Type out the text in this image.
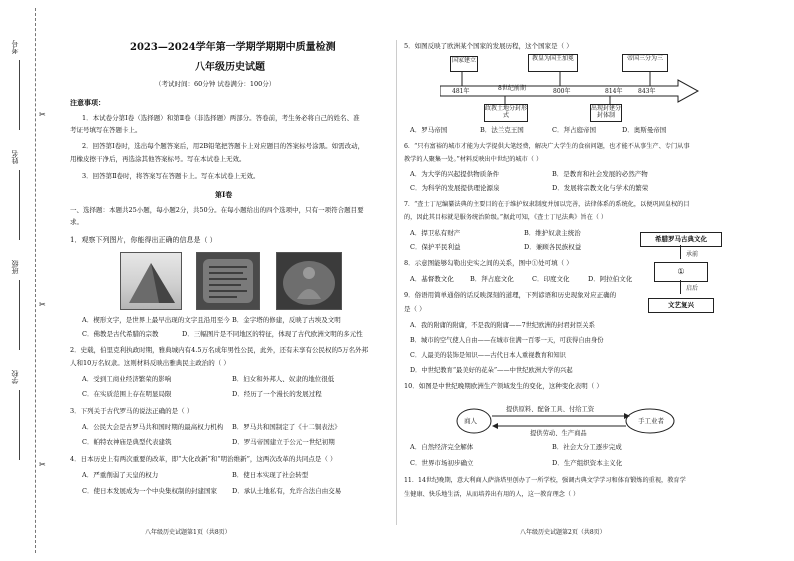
考号
姓名
班级
学校
✂
✂
✂
2023—2024学年第一学期学期期中质量检测
八年级历史试题
（考试时间：60分钟 试卷满分：100分）
注意事项：
1．本试卷分第Ⅰ卷（选择题）和第Ⅱ卷（非选择题）两部分。答卷前，考生务必将自己的姓名、准
考证号填写在答题卡上。
2．回答第Ⅰ卷时，选出每个题答案后，用2B铅笔把答题卡上对应题目的答案标号涂黑。如需改动，
用橡皮擦干净后，再选涂其他答案标号。写在本试卷上无效。
3．回答第Ⅱ卷时，将答案写在答题卡上。写在本试卷上无效。
第Ⅰ卷
一、选择题：本题共25小题，每小题2分，共50分。在每小题给出的四个选项中，只有一项符合题目要
求。
1．观察下列图片，你能得出正确的信息是（ ）
A．楔形文字，是世界上最早出现的文字且沿用至今 B．金字塔的修建，反映了古埃及文明
C．佛教是古代希腊的宗教	D．三幅图片是不同地区的特征，体现了古代欧洲文明的多元性
2．史载，伯里克利执政时期，雅典城内有4.5万名成年男性公民，此外，还有未享有公民权的5万名外邦
人和10万名奴隶。这则材料反映出雅典民主政治的（ ）
A．受到工商业经济繁荣的影响	B．妇女和外邦人、奴隶的地位很低
C．在实质范围上存在明显局限	D．经历了一个漫长的发展过程
3．下列关于古代罗马的说法正确的是（ ）
A．公民大会是古罗马共和国时期的最高权力机构 B．罗马共和国制定了《十二铜表法》
C．帕特农神庙是典型代表建筑	D．罗马帝国建立于公元一世纪初期
4．日本历史上有两次重要的改革，即“大化改新”和“明治维新”，这两次改革的共同点是（ ）
A．严重削弱了天皇的权力	B．使日本实现了社会转型
C．使日本发展成为一个中央集权制的封建国家 D．承认土地私有，允许合法自由交易
八年级历史试题第1页（共8页）
5．如图反映了欧洲某个国家的发展历程，这个国家是（ ）
国家建立	教皇为国王加冕	帝国三分为三
481年	8世纪前期	800年	814年	843年
政教土地分封形式
出现封建分封体制
A．罗马帝国	B．法兰克王国	C．拜占庭帝国	D．奥斯曼帝国
6．“只有富裕的城市才能为大学提供大笔经费，解决广大学生的食宿问题，也才能不从事生产、专门从事
教学的人聚集一处。”材料反映出中世纪的城市（ ）
A．为大学的兴起提供物质条件	B．是教育和社会发展的必然产物
C．为科学的发展提供理论源泉	D．发展将宗教文化与学术的繁荣
7．“查士丁尼编纂法典的主要目的在于维护奴隶制度并加以完善，法律体系的系统化，以便巩固皇权的目
的，因此其目标就是服务统治阶级。”据此可知，《查士丁尼法典》旨在（ ）
A．捍卫私有财产	B．维护奴隶主统治
C．保护平民利益	D．兼顾各民族权益
希腊罗马古典文化
承前
①
启后
文艺复兴
8．示意图能够勾勒出史实之间的关系，图中①处可填（ ）
A．基督教文化	B．拜占庭文化	C．印度文化	D．阿拉伯文化
9．俗语用简单通俗的话反映深刻的道理，下列谚语和历史现象对应正确的
是（ ）
A．我的附庸的附庸，不是我的附庸——7世纪欧洲的封君封臣关系
B．城市的空气使人自由——在城市住满一百零一天，可获得自由身份
C．人最美的装饰是知识——古代日本人重视教育和知识
D．中世纪教育“最美好的花朵”——中世纪欧洲大学的兴起
10．如图是中世纪晚期欧洲生产领域发生的变化，这种变化表明（ ）
商人	手工业者
提供原料、配备工具、付给工资
提供劳动、生产商品
A．自然经济完全解体	B．社会大分工逐步完成
C．世界市场初步确立	D．生产组织资本主义化
11．14世纪晚期，意大利商人萨洛塔里创办了一所学校，强调古典文学学习和体育锻炼的重视，教育学
生健康、快乐地生活，从而培养出有用的人，这一教育理念（ ）
八年级历史试题第2页（共8页）
